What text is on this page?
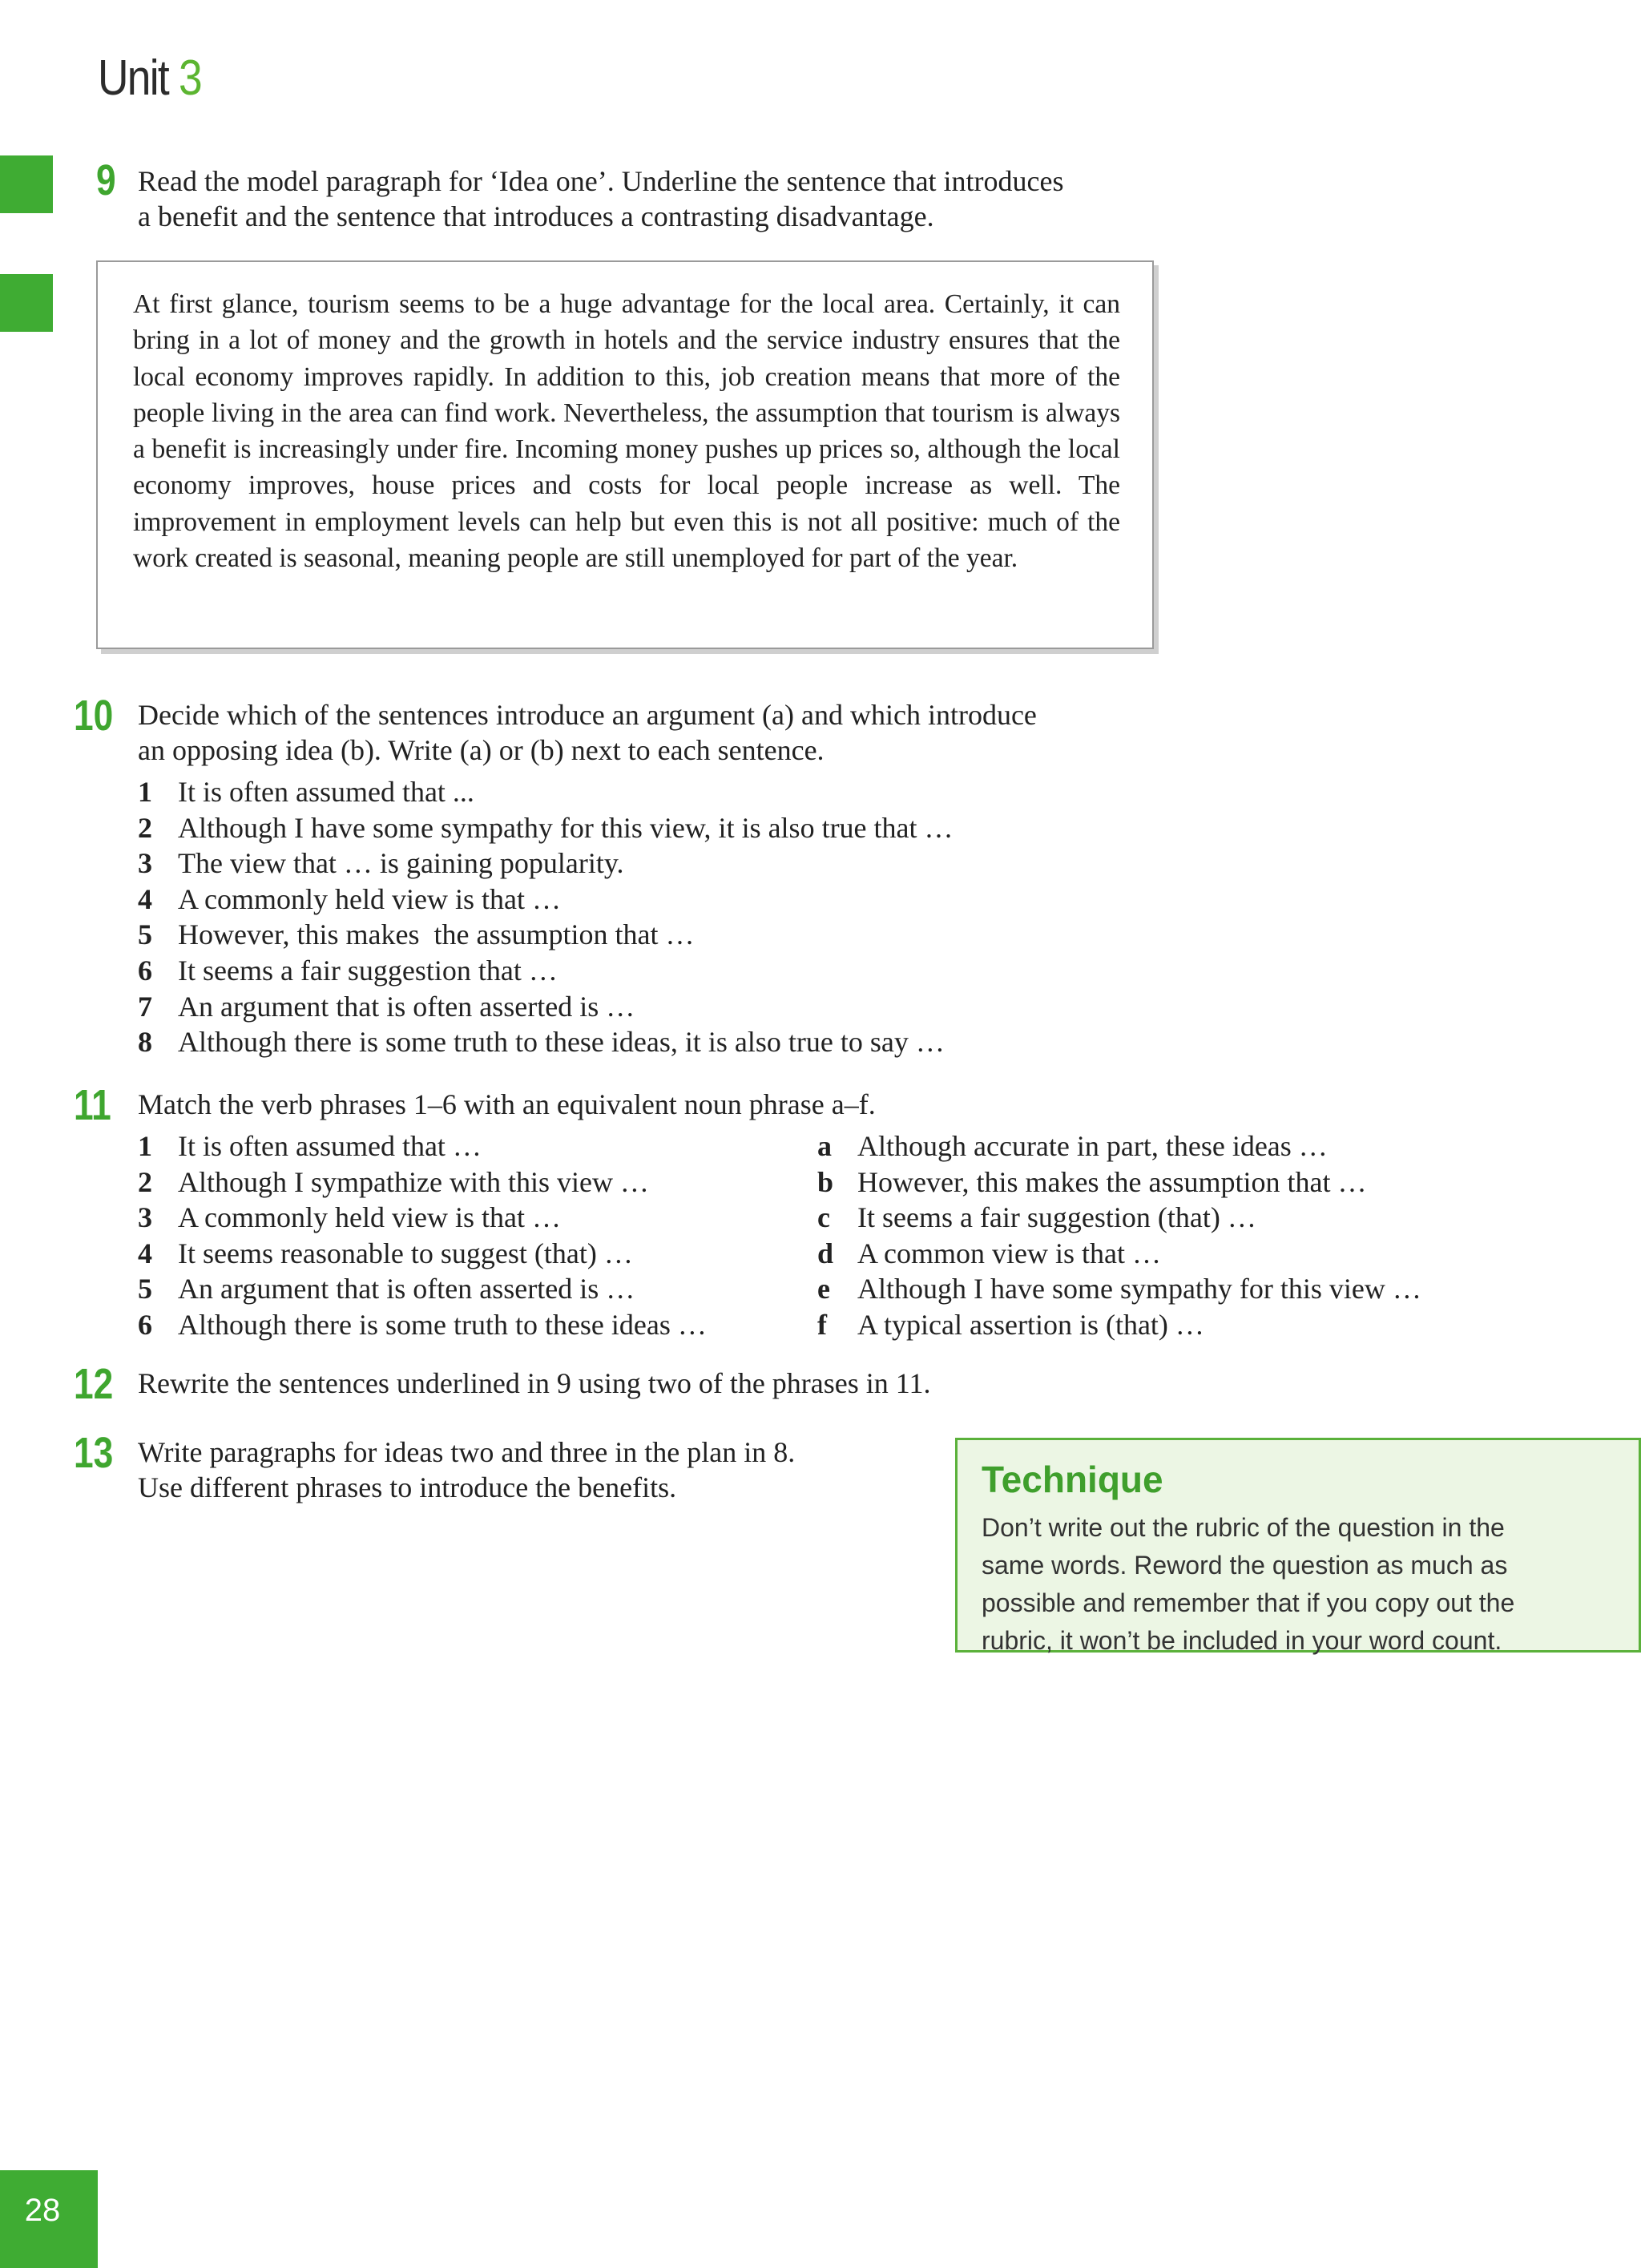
Unit 3
9 Read the model paragraph for ‘Idea one’. Underline the sentence that introduces
a benefit and the sentence that introduces a contrasting disadvantage.
At first glance, tourism seems to be a huge advantage for the local area. Certainly, it can bring in a lot of money and the growth in hotels and the service industry ensures that the local economy improves rapidly. In addition to this, job creation means that more of the people living in the area can find work. Nevertheless, the assumption that tourism is always a benefit is increasingly under fire. Incoming money pushes up prices so, although the local economy improves, house prices and costs for local people increase as well. The improvement in employment levels can help but even this is not all positive: much of the work created is seasonal, meaning people are still unemployed for part of the year.
10 Decide which of the sentences introduce an argument (a) and which introduce
an opposing idea (b). Write (a) or (b) next to each sentence.
1 It is often assumed that ...
2 Although I have some sympathy for this view, it is also true that …
3 The view that … is gaining popularity.
4 A commonly held view is that …
5 However, this makes  the assumption that …
6 It seems a fair suggestion that …
7 An argument that is often asserted is …
8 Although there is some truth to these ideas, it is also true to say …
11 Match the verb phrases 1–6 with an equivalent noun phrase a–f.
1 It is often assumed that …
2 Although I sympathize with this view …
3 A commonly held view is that …
4 It seems reasonable to suggest (that) …
5 An argument that is often asserted is …
6 Although there is some truth to these ideas …
a Although accurate in part, these ideas …
b However, this makes the assumption that …
c It seems a fair suggestion (that) …
d A common view is that …
e Although I have some sympathy for this view …
f	A typical assertion is (that) …
12 Rewrite the sentences underlined in 9 using two of the phrases in 11.
13 Write paragraphs for ideas two and three in the plan in 8.
Use different phrases to introduce the benefits.	Technique
Don’t write out the rubric of the question in the
same words. Reword the question as much as
possible and remember that if you copy out the
rubric, it won’t be included in your word count.
28
